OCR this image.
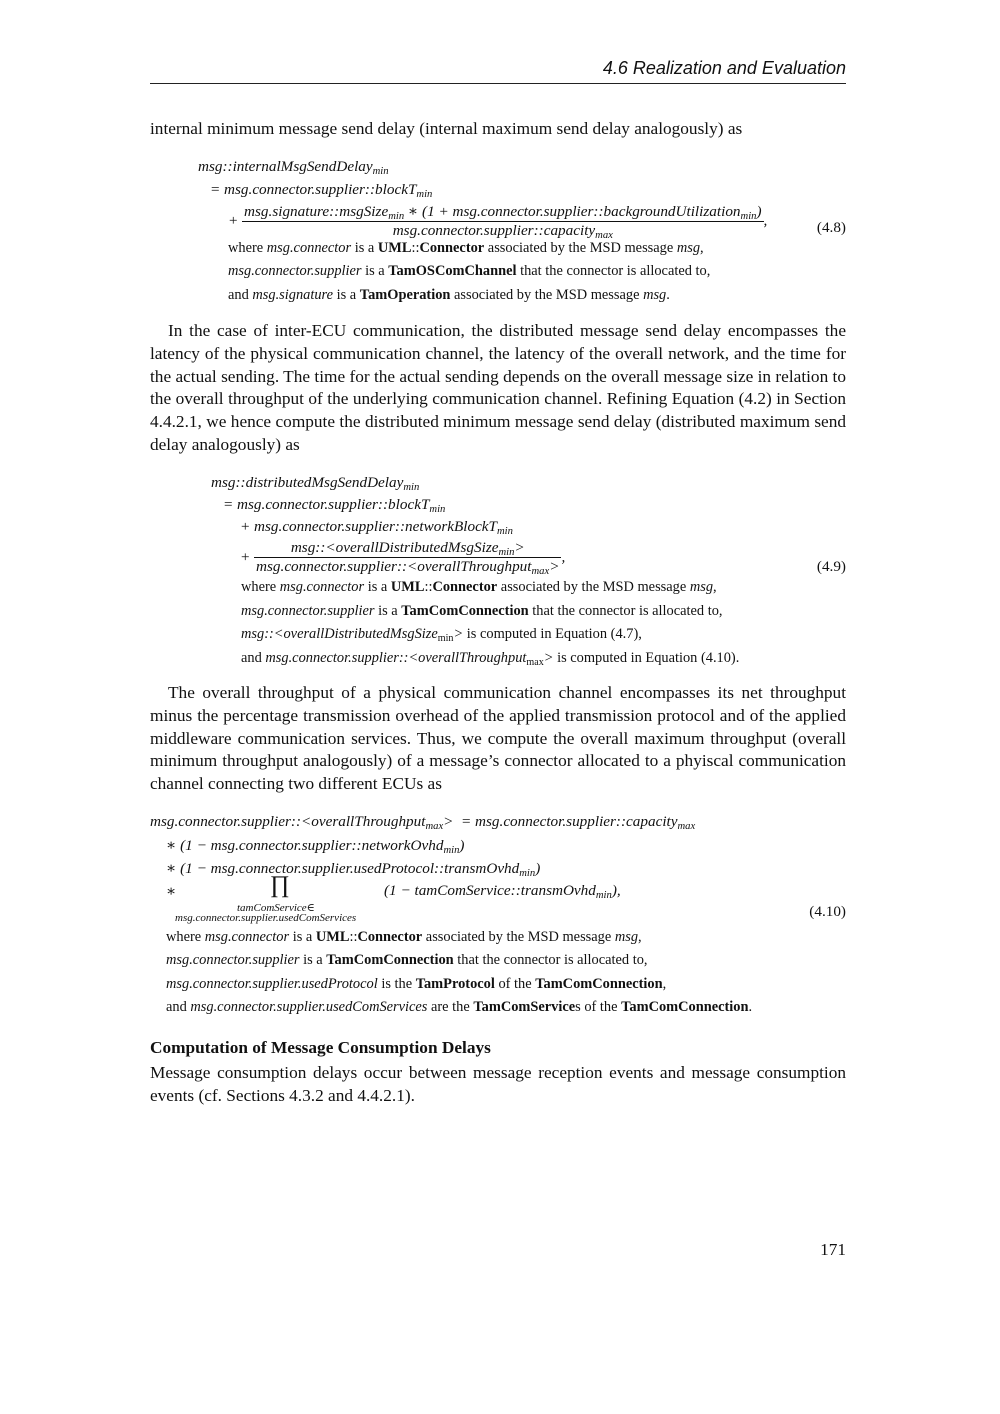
4.6 Realization and Evaluation
internal minimum message send delay (internal maximum send delay analogously) as
msg::internalMsgSendDelay$_{min}$
= msg.connector.supplier::blockT$_{min}$
+
msg.signature::msgSize$_{min}$ ∗ (1 + msg.connector.supplier::backgroundUtilization$_{min}$)
msg.connector.supplier::capacity$_{max}$
,	(4.8)
where msg.connector is a UML::Connector associated by the MSD message msg,
msg.connector.supplier is a TamOSComChannel that the connector is allocated to,
and msg.signature is a TamOperation associated by the MSD message msg.
In the case of inter-ECU communication, the distributed message send delay encompasses the latency of the physical communication channel, the latency of the overall network, and the time for the actual sending. The time for the actual sending depends on the overall message size in relation to the overall throughput of the underlying communication channel. Refining Equation (4.2) in Section 4.4.2.1, we hence compute the distributed minimum message send delay (distributed maximum send delay analogously) as
msg::distributedMsgSendDelay$_{min}$
= msg.connector.supplier::blockT$_{min}$
+ msg.connector.supplier::networkBlockT$_{min}$
+ $\frac{msg::<overallDistributedMsgSize_{min}>}{msg.connector.supplier::<overallThroughput_{max}>}$ ,
(4.9)
where msg.connector is a UML::Connector associated by the MSD message msg,
msg.connector.supplier is a TamComConnection that the connector is allocated to,
msg::<overallDistributedMsgSize$_{min}$> is computed in Equation (4.7),
and msg.connector.supplier::<overallThroughput$_{max}$> is computed in Equation (4.10).
The overall throughput of a physical communication channel encompasses its net throughput minus the percentage transmission overhead of the applied transmission protocol and of the applied middleware communication services. Thus, we compute the overall maximum throughput (overall minimum throughput analogously) of a message’s connector allocated to a phyiscal communication channel connecting two different ECUs as
msg.connector.supplier::<overallThroughput$_{max}$> = msg.connector.supplier::capacity$_{max}$
∗ (1 − msg.connector.supplier::networkOvhd$_{min}$)
∗ (1 − msg.connector.supplier.usedProtocol::transmOvhd$_{min}$)
∗	∏	(1 − tamComService::transmOvhd$_{min}$),
tamComService∈
msg.connector.supplier.usedComServices	(4.10)
where msg.connector is a UML::Connector associated by the MSD message msg,
msg.connector.supplier is a TamComConnection that the connector is allocated to,
msg.connector.supplier.usedProtocol is the TamProtocol of the TamComConnection,
and msg.connector.supplier.usedComServices are the TamComServices of the TamComConnection.
Computation of Message Consumption Delays
Message consumption delays occur between message reception events and message consumption events (cf. Sections 4.3.2 and 4.4.2.1).
171
